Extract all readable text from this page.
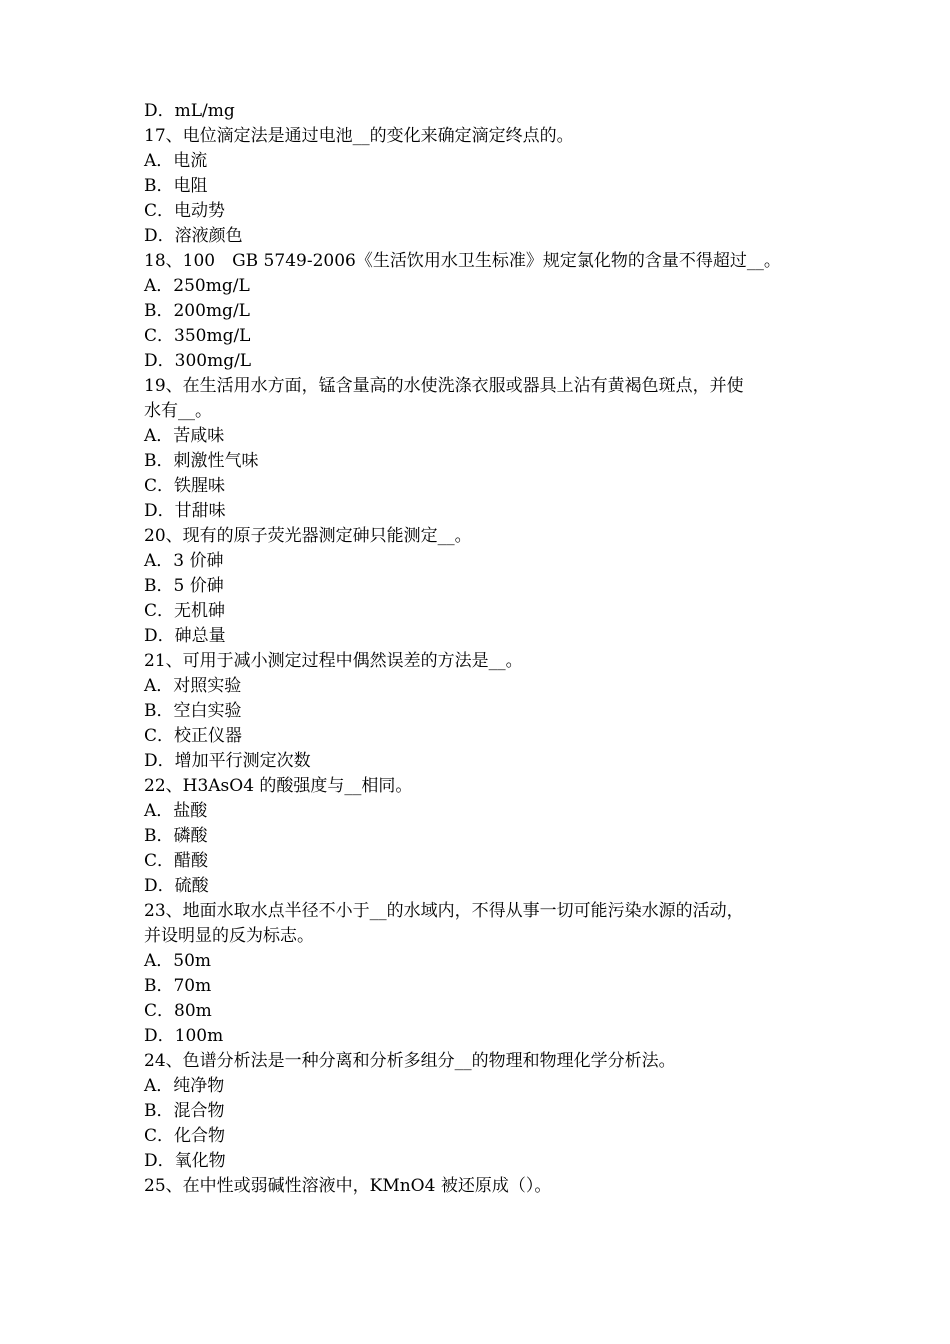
D．mL/mg
17、电位滴定法是通过电池__的变化来确定滴定终点的。
A．电流
B．电阻
C．电动势
D．溶液颜色
18、100　GB 5749-2006《生活饮用水卫生标准》规定氯化物的含量不得超过__。
A．250mg/L
B．200mg/L
C．350mg/L
D．300mg/L
19、在生活用水方面，锰含量高的水使洗涤衣服或器具上沾有黄褐色斑点，并使
水有__。
A．苦咸味
B．刺激性气味
C．铁腥味
D．甘甜味
20、现有的原子荧光器测定砷只能测定__。
A．3 价砷
B．5 价砷
C．无机砷
D．砷总量
21、可用于减小测定过程中偶然误差的方法是__。
A．对照实验
B．空白实验
C．校正仪器
D．增加平行测定次数
22、H3AsO4 的酸强度与__相同。
A．盐酸
B．磷酸
C．醋酸
D．硫酸
23、地面水取水点半径不小于__的水域内，不得从事一切可能污染水源的活动，
并设明显的反为标志。
A．50m
B．70m
C．80m
D．100m
24、色谱分析法是一种分离和分析多组分__的物理和物理化学分析法。
A．纯净物
B．混合物
C．化合物
D．氧化物
25、在中性或弱碱性溶液中，KMnO4 被还原成（）。
